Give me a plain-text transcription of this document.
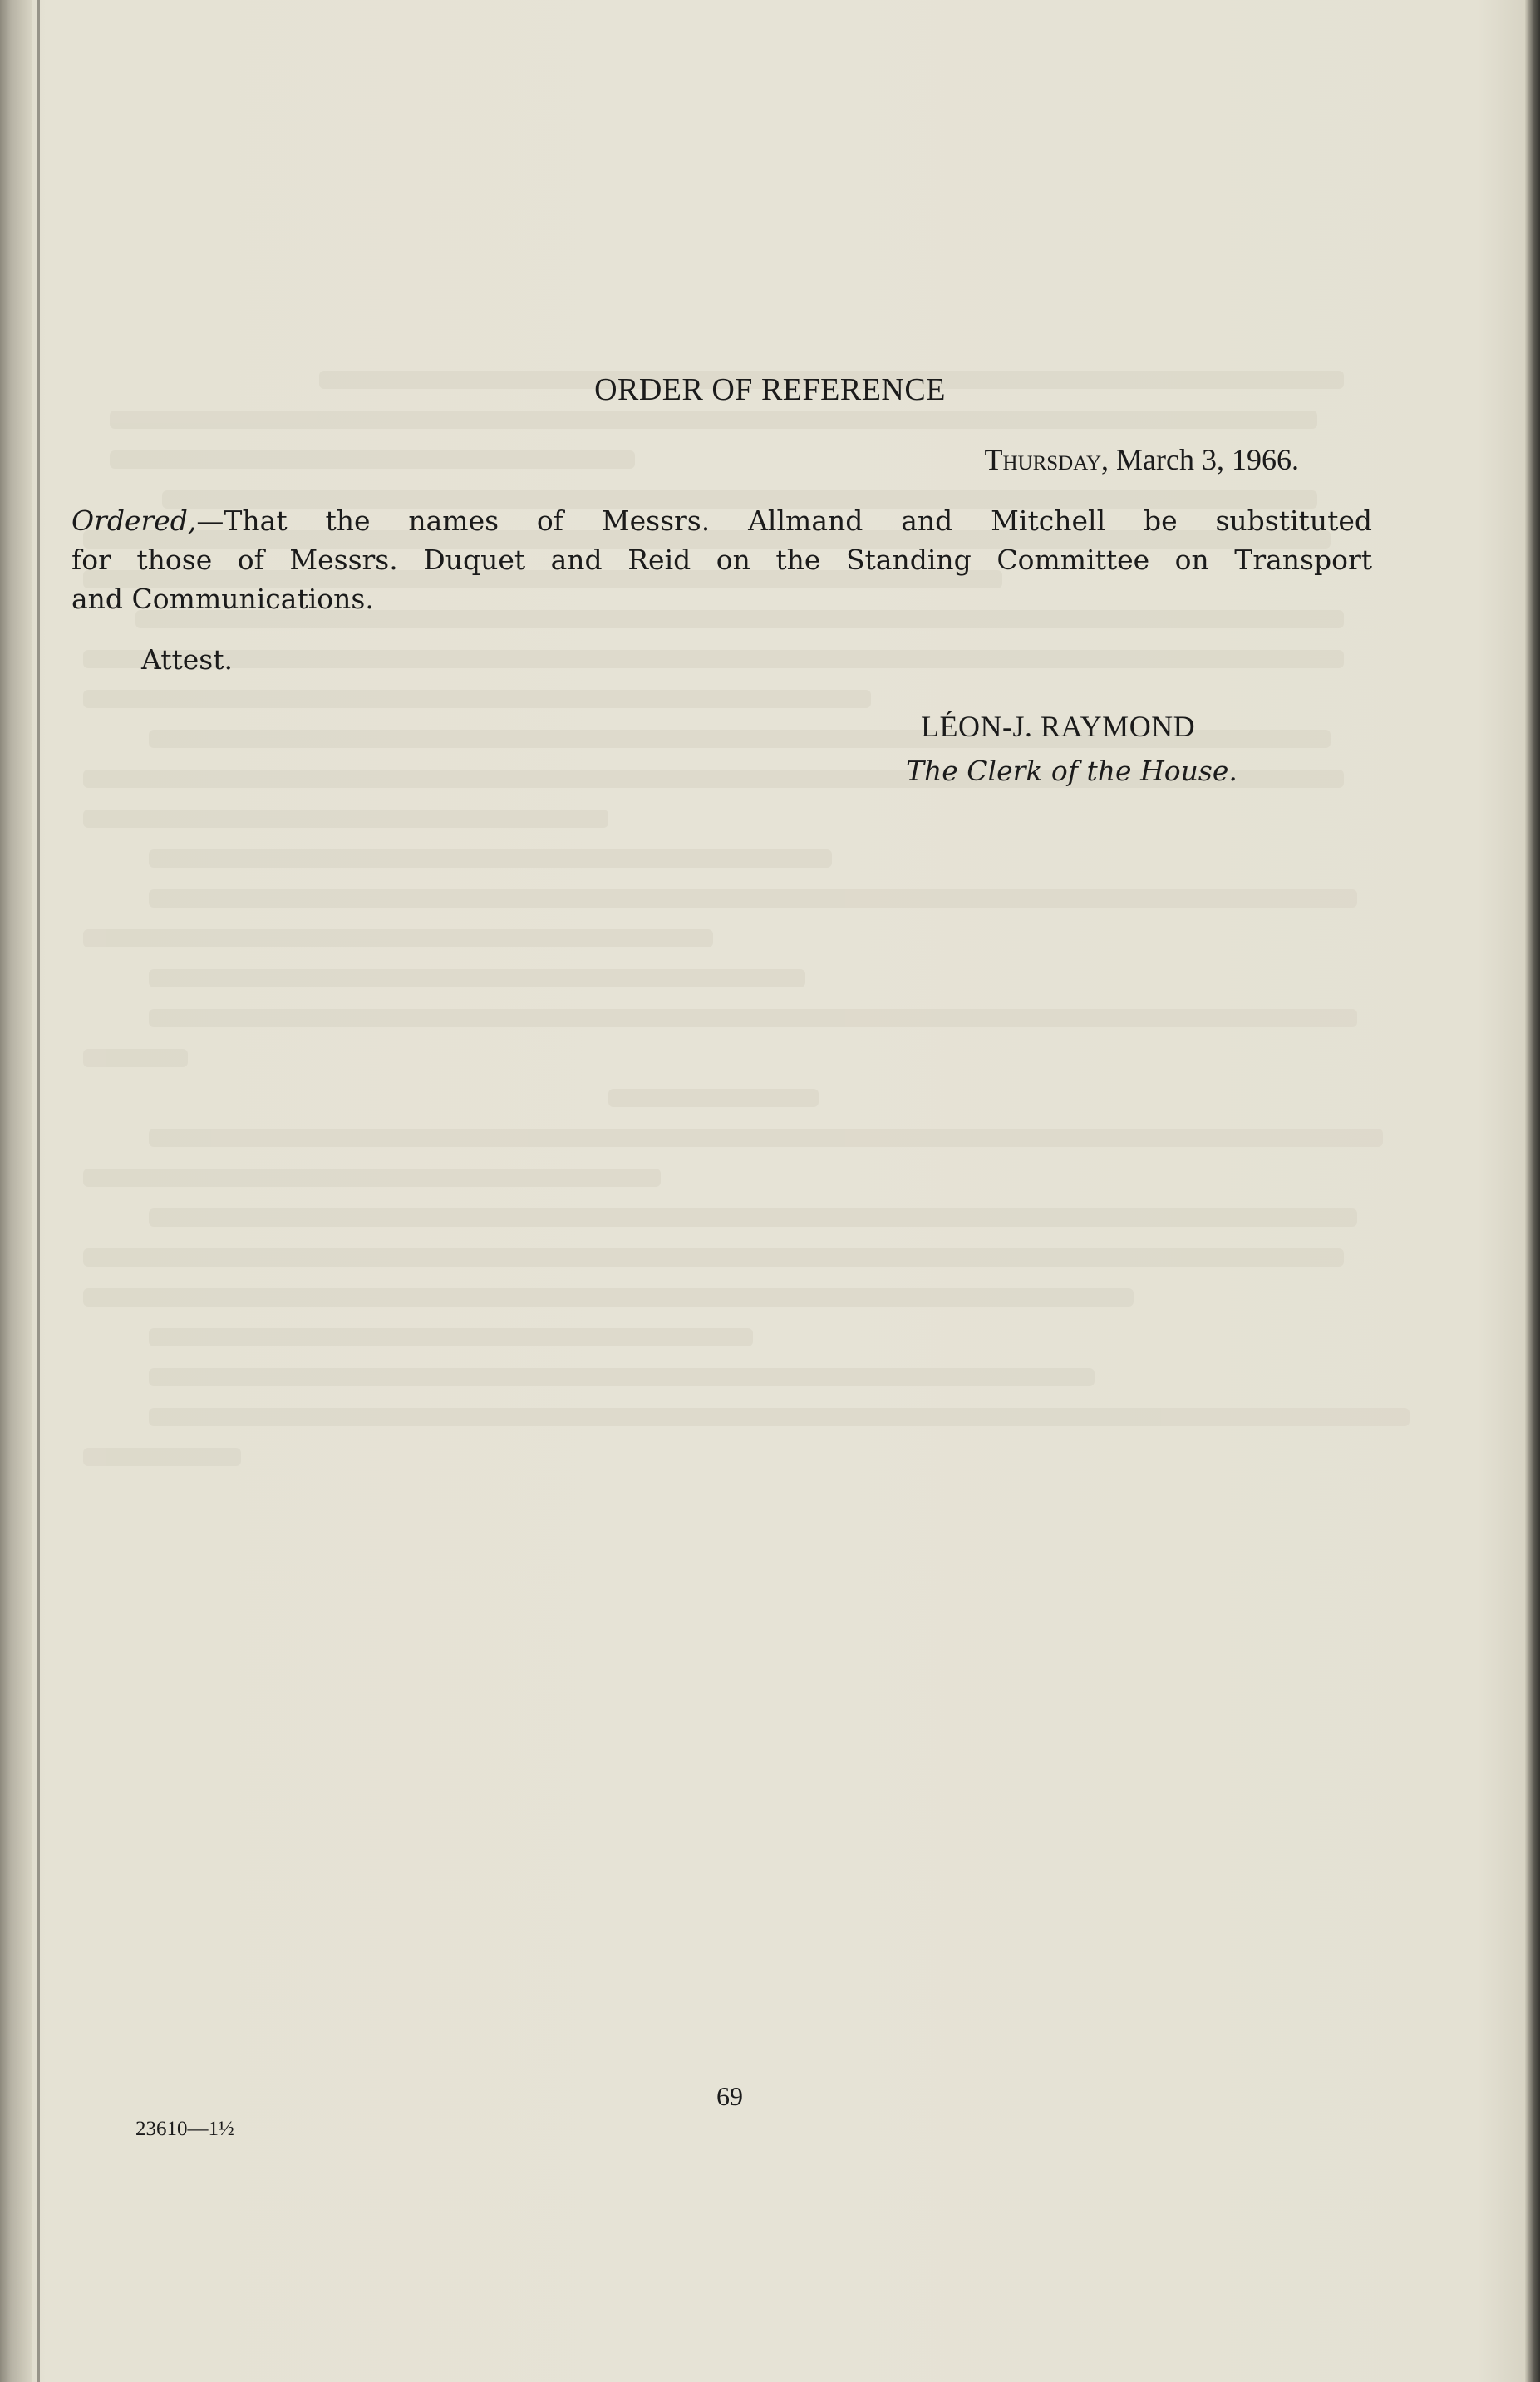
ORDER OF REFERENCE
Thursday, March 3, 1966.
Ordered,—That the names of Messrs. Allmand and Mitchell be substituted
for those of Messrs. Duquet and Reid on the Standing Committee on Transport
and Communications.
Attest.
LÉON-J. RAYMOND
The Clerk of the House.
69
23610—1½
